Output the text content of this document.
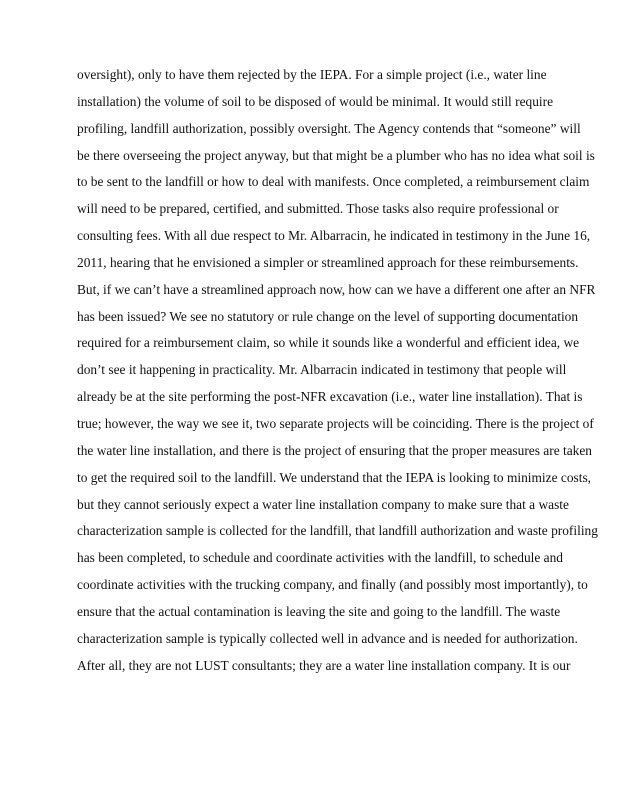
oversight), only to have them rejected by the IEPA. For a simple project (i.e., water line
installation) the volume of soil to be disposed of would be minimal. It would still require
profiling, landfill authorization, possibly oversight. The Agency contends that “someone” will
be there overseeing the project anyway, but that might be a plumber who has no idea what soil is
to be sent to the landfill or how to deal with manifests. Once completed, a reimbursement claim
will need to be prepared, certified, and submitted. Those tasks also require professional or
consulting fees. With all due respect to Mr. Albarracin, he indicated in testimony in the June 16,
2011, hearing that he envisioned a simpler or streamlined approach for these reimbursements.
But, if we can’t have a streamlined approach now, how can we have a different one after an NFR
has been issued? We see no statutory or rule change on the level of supporting documentation
required for a reimbursement claim, so while it sounds like a wonderful and efficient idea, we
don’t see it happening in practicality. Mr. Albarracin indicated in testimony that people will
already be at the site performing the post-NFR excavation (i.e., water line installation). That is
true; however, the way we see it, two separate projects will be coinciding. There is the project of
the water line installation, and there is the project of ensuring that the proper measures are taken
to get the required soil to the landfill. We understand that the IEPA is looking to minimize costs,
but they cannot seriously expect a water line installation company to make sure that a waste
characterization sample is collected for the landfill, that landfill authorization and waste profiling
has been completed, to schedule and coordinate activities with the landfill, to schedule and
coordinate activities with the trucking company, and finally (and possibly most importantly), to
ensure that the actual contamination is leaving the site and going to the landfill. The waste
characterization sample is typically collected well in advance and is needed for authorization.
After all, they are not LUST consultants; they are a water line installation company. It is our
